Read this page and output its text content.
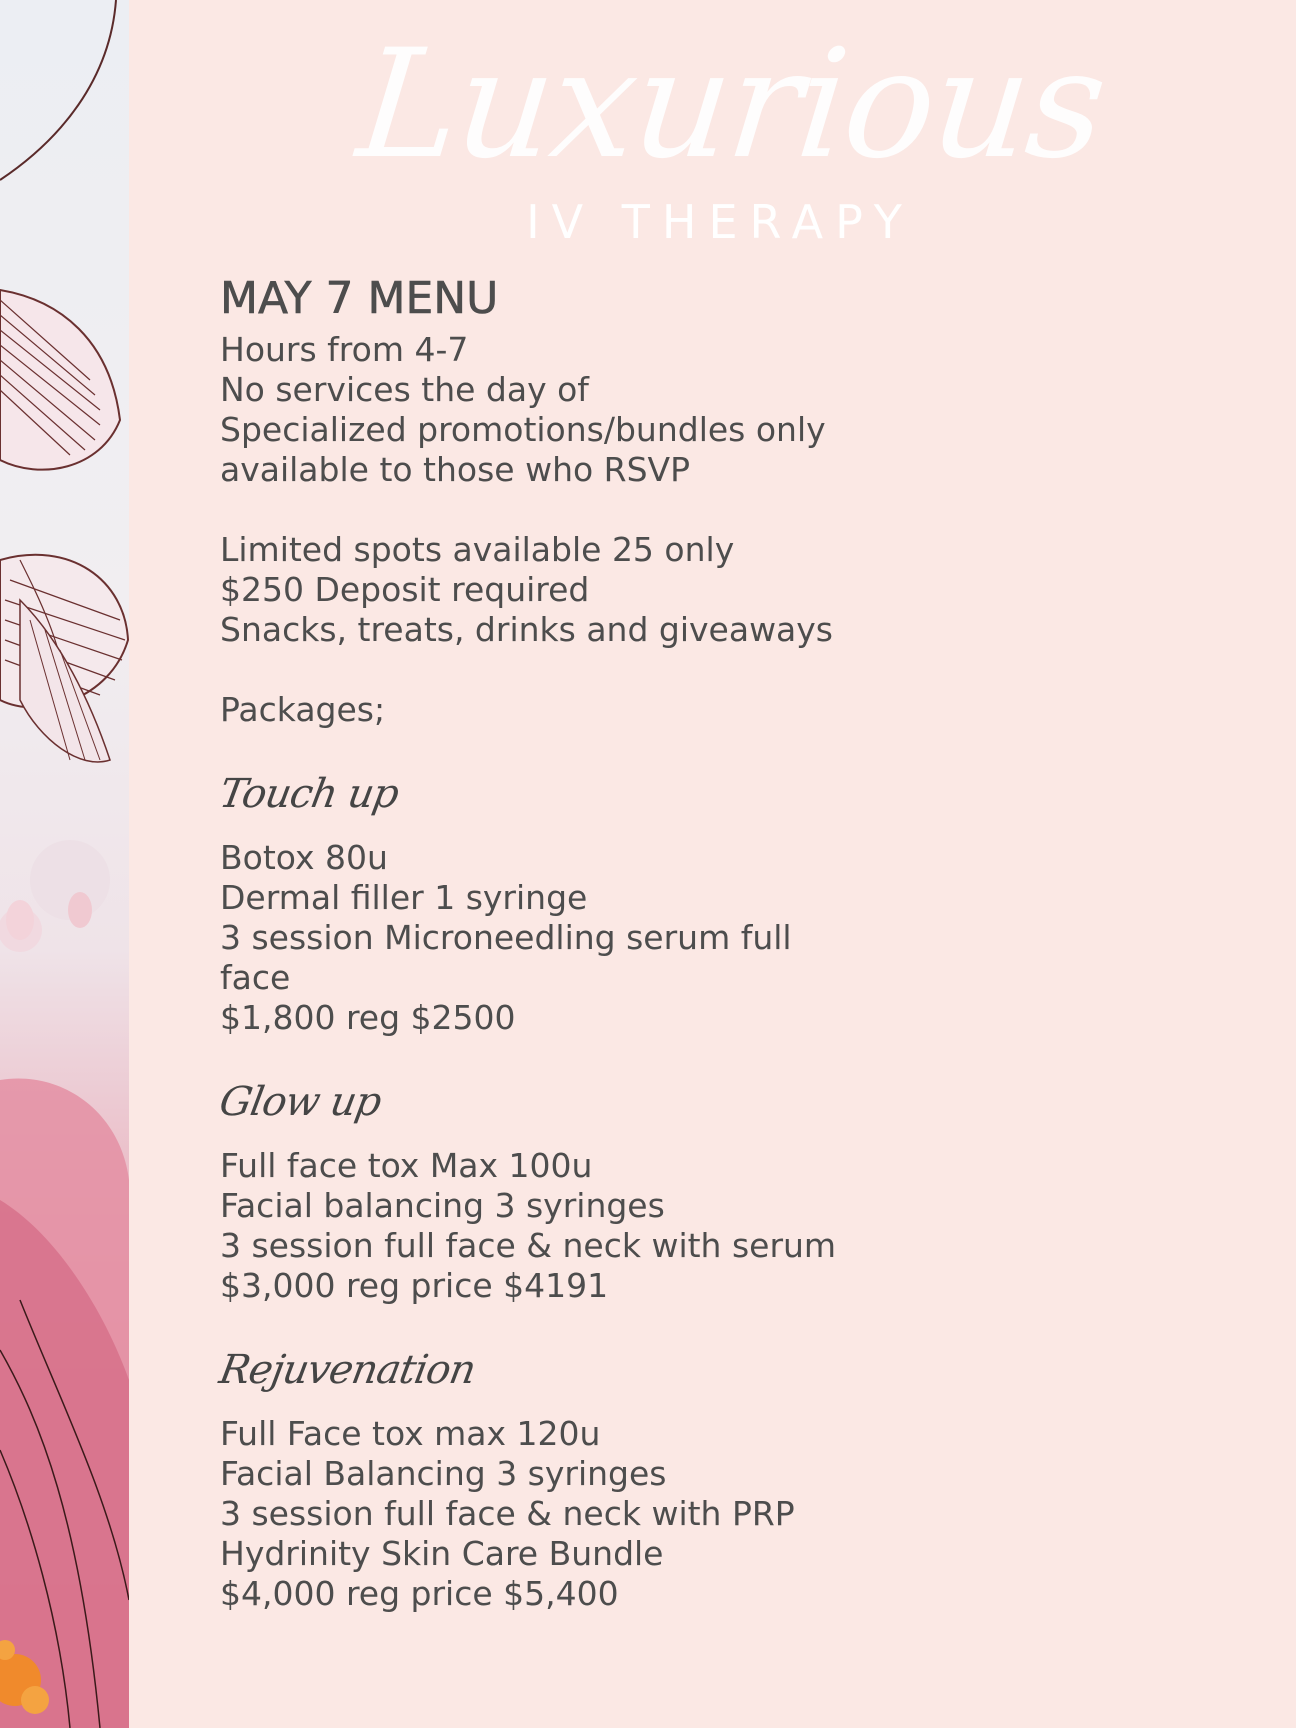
Luxurious
IV THERAPY
MAY 7 MENU
Hours from 4-7
No services the day of
Specialized promotions/bundles only
available to those who RSVP
Limited spots available 25 only
$250 Deposit required
Snacks, treats, drinks and giveaways
Packages;
Touch up
Botox 80u
Dermal filler 1 syringe
3 session Microneedling serum full
face
$1,800 reg $2500
Glow up
Full face tox Max 100u
Facial balancing 3 syringes
3 session full face & neck with serum
$3,000 reg price $4191
Rejuvenation
Full Face tox max 120u
Facial Balancing 3 syringes
3 session full face & neck with PRP
Hydrinity Skin Care Bundle
$4,000 reg price $5,400
